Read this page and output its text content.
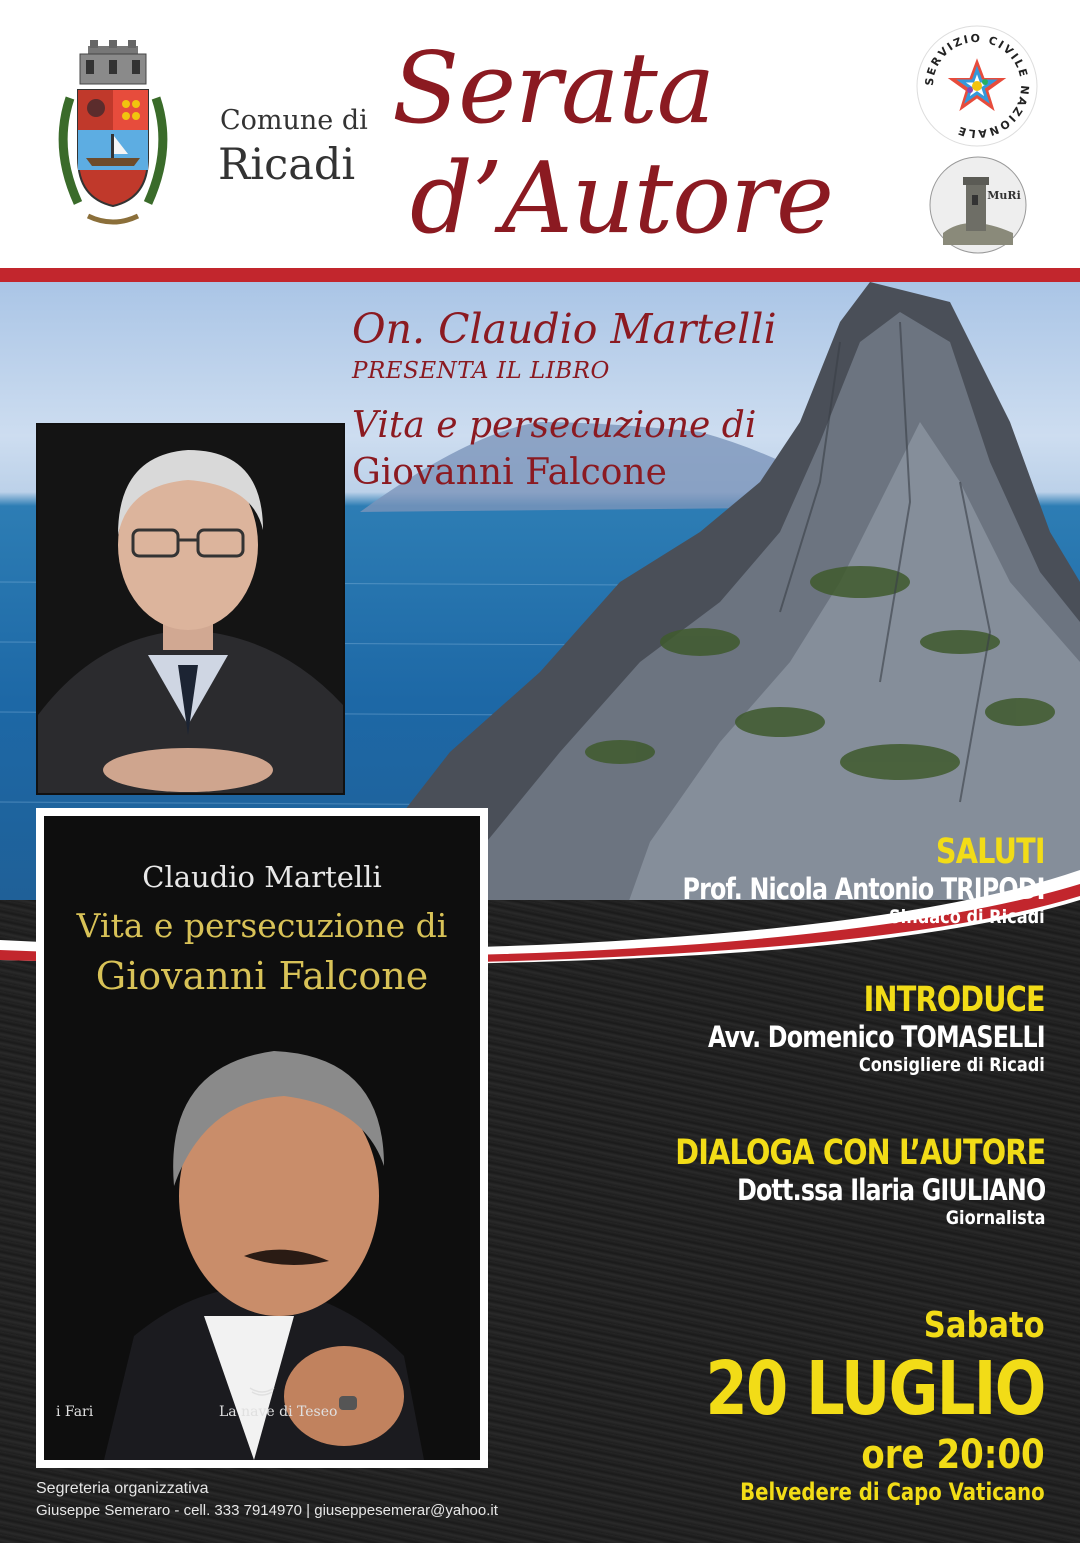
Comune di
Ricadi
Serata
d’Autore
SERVIZIO CIVILE NAZIONALE
MuRi
On. Claudio Martelli
PRESENTA IL LIBRO
Vita e persecuzione di
Giovanni Falcone
Claudio Martelli
Vita e persecuzione di
Giovanni Falcone
i Fari	La nave di Teseo
SALUTI
Prof. Nicola Antonio TRIPODI
Sindaco di Ricadi
INTRODUCE
Avv. Domenico TOMASELLI
Consigliere di Ricadi
DIALOGA CON L’AUTORE
Dott.ssa Ilaria GIULIANO
Giornalista
Sabato
20 LUGLIO
ore 20:00
Belvedere di Capo Vaticano
Segreteria organizzativa
Giuseppe Semeraro - cell. 333 7914970 | giuseppesemerar@yahoo.it
